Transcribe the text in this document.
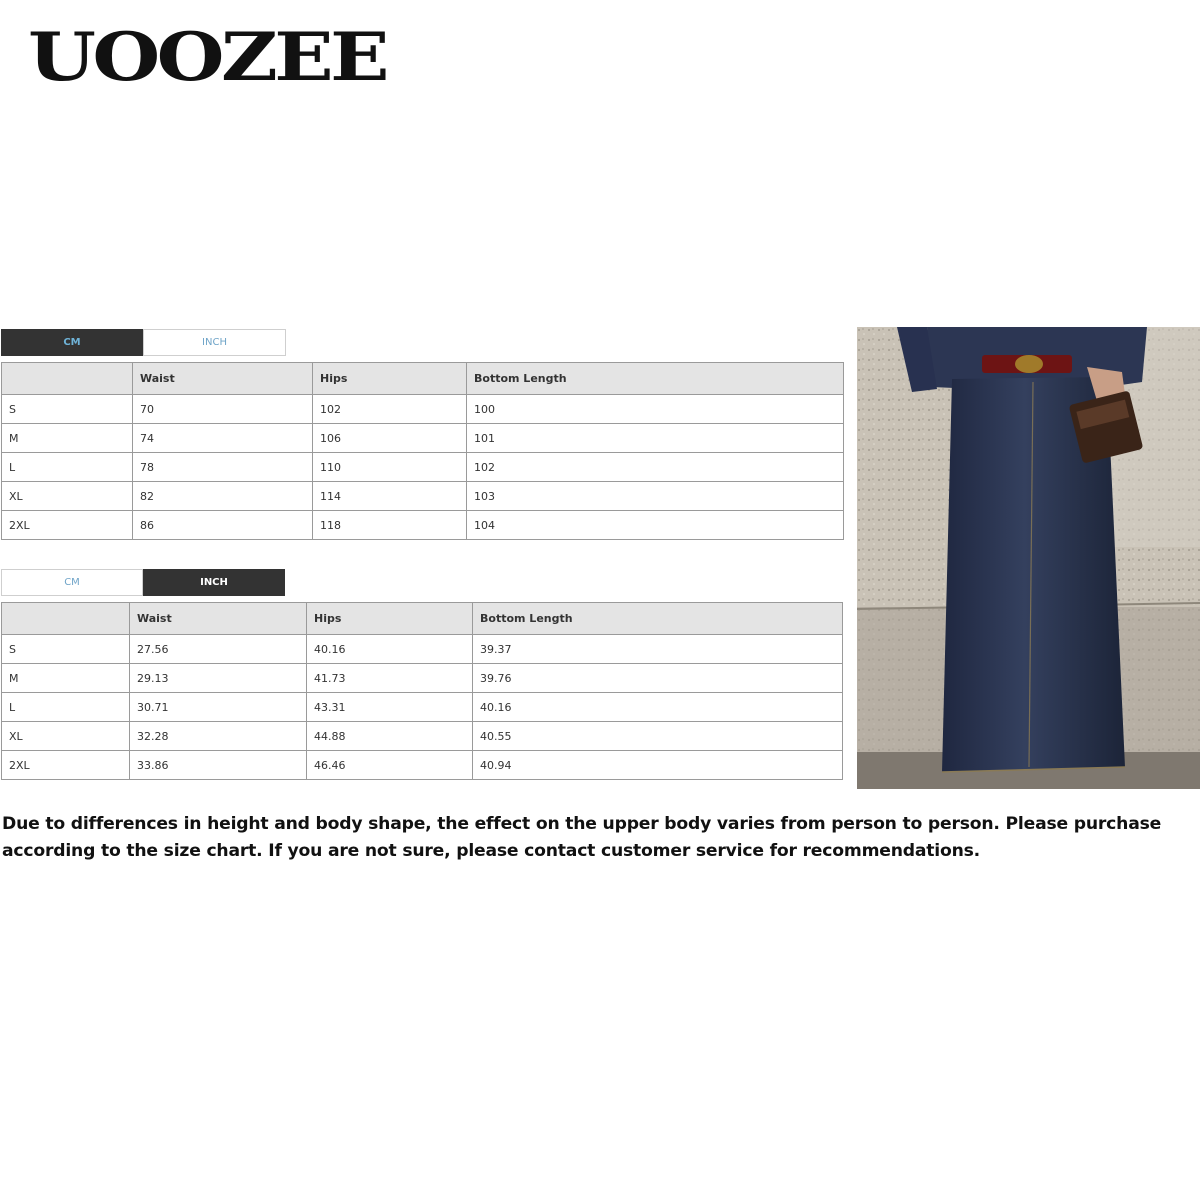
UOOZEE
CM	INCH
	Waist	Hips	Bottom Length
S	70	102	100
M	74	106	101
L	78	110	102
XL	82	114	103
2XL	86	118	104
CM	INCH
	Waist	Hips	Bottom Length
S	27.56	40.16	39.37
M	29.13	41.73	39.76
L	30.71	43.31	40.16
XL	32.28	44.88	40.55
2XL	33.86	46.46	40.94
Due to differences in height and body shape, the effect on the upper body varies from person to person. Please purchase
according to the size chart. If you are not sure, please contact customer service for recommendations.
